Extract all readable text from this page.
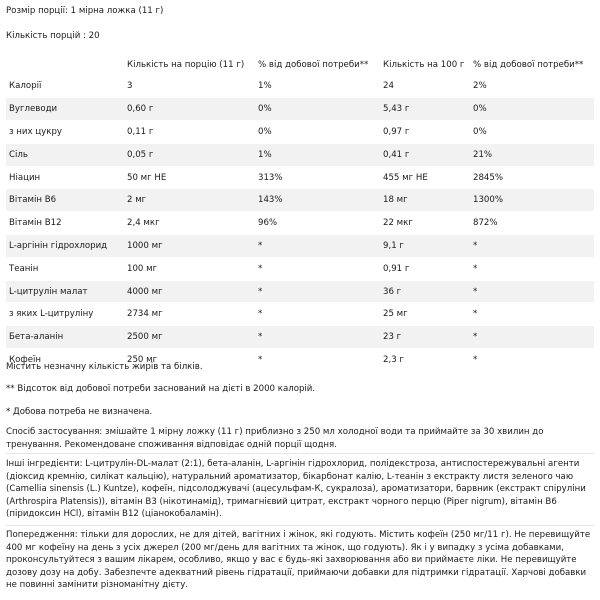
Розмір порції: 1 мірна ложка (11 г)
Кількість порцій : 20
	Кількість на порцію (11 г)	% від добової потреби**	Кількість на 100 г	% від добової потреби**
Калорії	3	1%	24	2%
Вуглеводи	0,60 г	0%	5,43 г	0%
з них цукру	0,11 г	0%	0,97 г	0%
Сіль	0,05 г	1%	0,41 г	21%
Ніацин	50 мг НЕ	313%	455 мг НЕ	2845%
Вітамін В6	2 мг	143%	18 мг	1300%
Вітамін В12	2,4 мкг	96%	22 мкг	872%
L-аргінін гідрохлорид	1000 мг	*	9,1 г	*
Теанін	100 мг	*	0,91 г	*
L-цитрулін малат	4000 мг	*	36 г	*
з яких L-цитруліну	2734 мг	*	25 мг	*
Бета-аланін	2500 мг	*	23 г	*
Кофеїн	250 мг	*	2,3 г	*
Містить незначну кількість жирів та білків.
** Відсоток від добової потреби заснований на дієті в 2000 калорій.
* Добова потреба не визначена.
Спосіб застосування: змішайте 1 мірну ложку (11 г) приблизно з 250 мл холодної води та приймайте за 30 хвилин до тренування. Рекомендоване споживання відповідає одній порції щодня.
Інші інгредієнти: L-цитрулін-DL-малат (2:1), бета-аланін, L-аргінін гідрохлорид, полідекстроза, антиспостережувальні агенти (діоксид кремнію, силікат кальцію), натуральний ароматизатор, бікарбонат калію, L-теанін з екстракту листя зеленого чаю (Camellia sinensis (L.) Kuntze), кофеїн, підсолоджувачі (ацесульфам-К, сукралоза), ароматизатори, барвник (екстракт спіруліни (Arthrospira Platensis)), вітамін B3 (нікотинамід), тримагнієвий цитрат, екстракт чорного перцю (Piper nigrum), вітамін B6 (піридоксин HCl), вітамін B12 (ціанокобаламін).
Попередження: тільки для дорослих, не для дітей, вагітних і жінок, які годують. Містить кофеїн (250 мг/11 г). Не перевищуйте 400 мг кофеїну на день з усіх джерел (200 мг/день для вагітних та жінок, що годують). Як і у випадку з усіма добавками, проконсультуйтеся з вашим лікарем, особливо, якщо у вас є будь-які захворювання або ви приймаєте ліки. Не перевищуйте дозову дозу на добу. Забезпечте адекватний рівень гідратації, приймаючи добавки для підтримки гідратації. Харчові добавки не повинні замінити різноманітну дієту.
